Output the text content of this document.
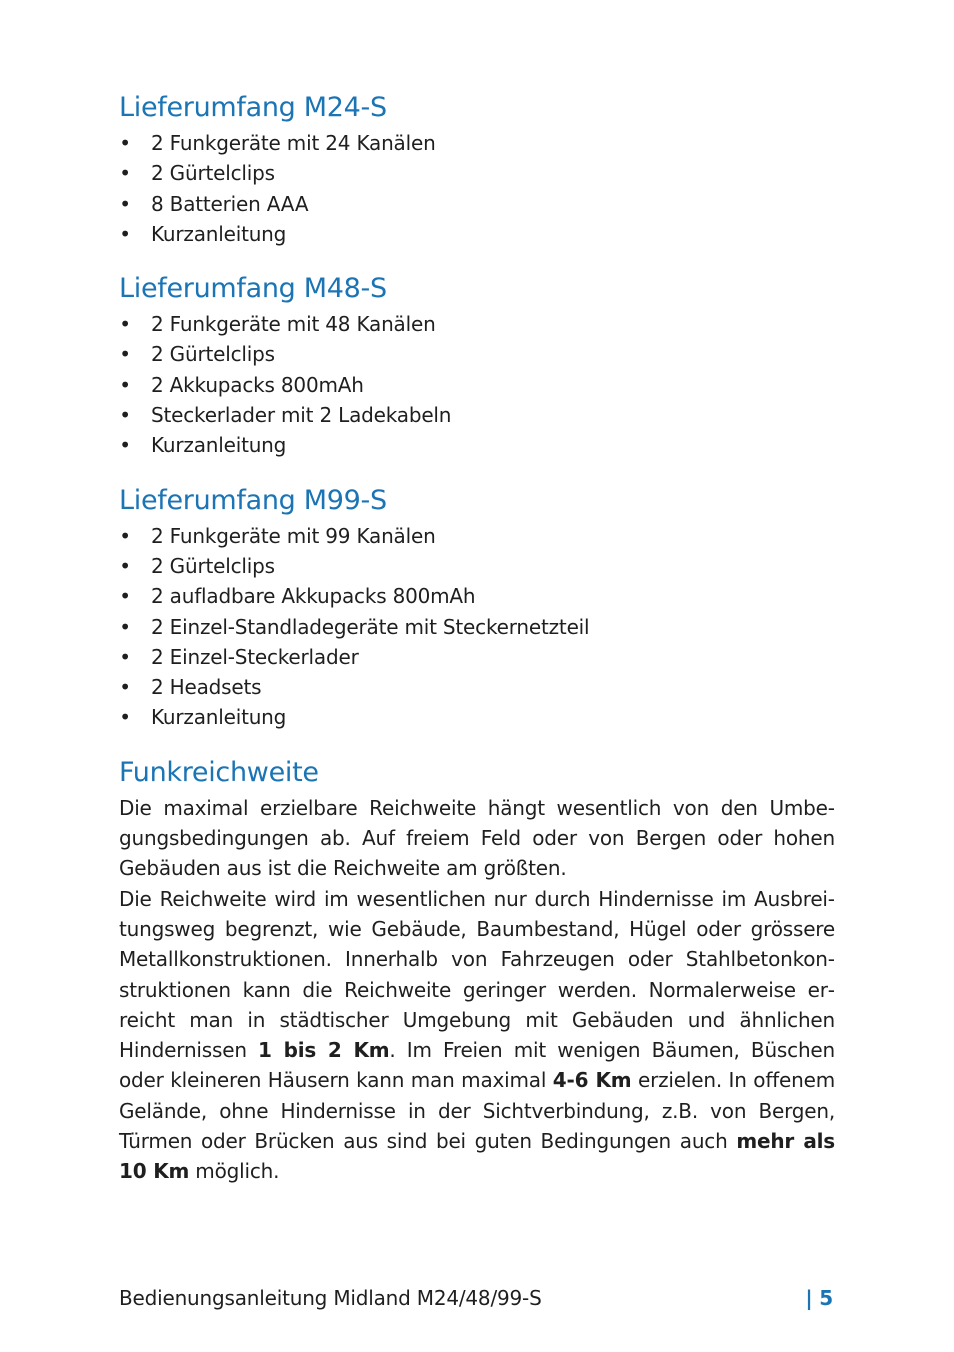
Lieferumfang M24-S
• 2 Funkgeräte mit 24 Kanälen
• 2 Gürtelclips
• 8 Batterien AAA
• Kurzanleitung
Lieferumfang M48-S
• 2 Funkgeräte mit 48 Kanälen
• 2 Gürtelclips
• 2 Akkupacks 800mAh
• Steckerlader mit 2 Ladekabeln
• Kurzanleitung
Lieferumfang M99-S
• 2 Funkgeräte mit 99 Kanälen
• 2 Gürtelclips
• 2 aufladbare Akkupacks 800mAh
• 2 Einzel-Standladegeräte mit Steckernetzteil
• 2 Einzel-Steckerlader
• 2 Headsets
• Kurzanleitung
Funkreichweite

Die maximal erzielbare Reichweite hängt wesentlich von den Umbegungsbedingungen ab. Auf freiem Feld oder von Bergen oder hohen Gebäuden aus ist die Reichweite am größten.

Die Reichweite wird im wesentlichen nur durch Hindernisse im Ausbreitungsweg begrenzt, wie Gebäude, Baumbestand, Hügel oder grössere Metallkonstruktionen. Innerhalb von Fahrzeugen oder Stahlbetonkonstruktionen kann die Reichweite geringer werden. Normalerweise erreicht man in städtischer Umgebung mit Gebäuden und ähnlichen Hindernissen 1 bis 2 Km. Im Freien mit wenigen Bäumen, Büschen oder kleineren Häusern kann man maximal 4-6 Km erzielen. In offenem Gelände, ohne Hindernisse in der Sichtverbindung, z.B. von Bergen, Türmen oder Brücken aus sind bei guten Bedingungen auch mehr als 10 Km möglich.

Bedienungsanleitung Midland M24/48/99-S	| 5
